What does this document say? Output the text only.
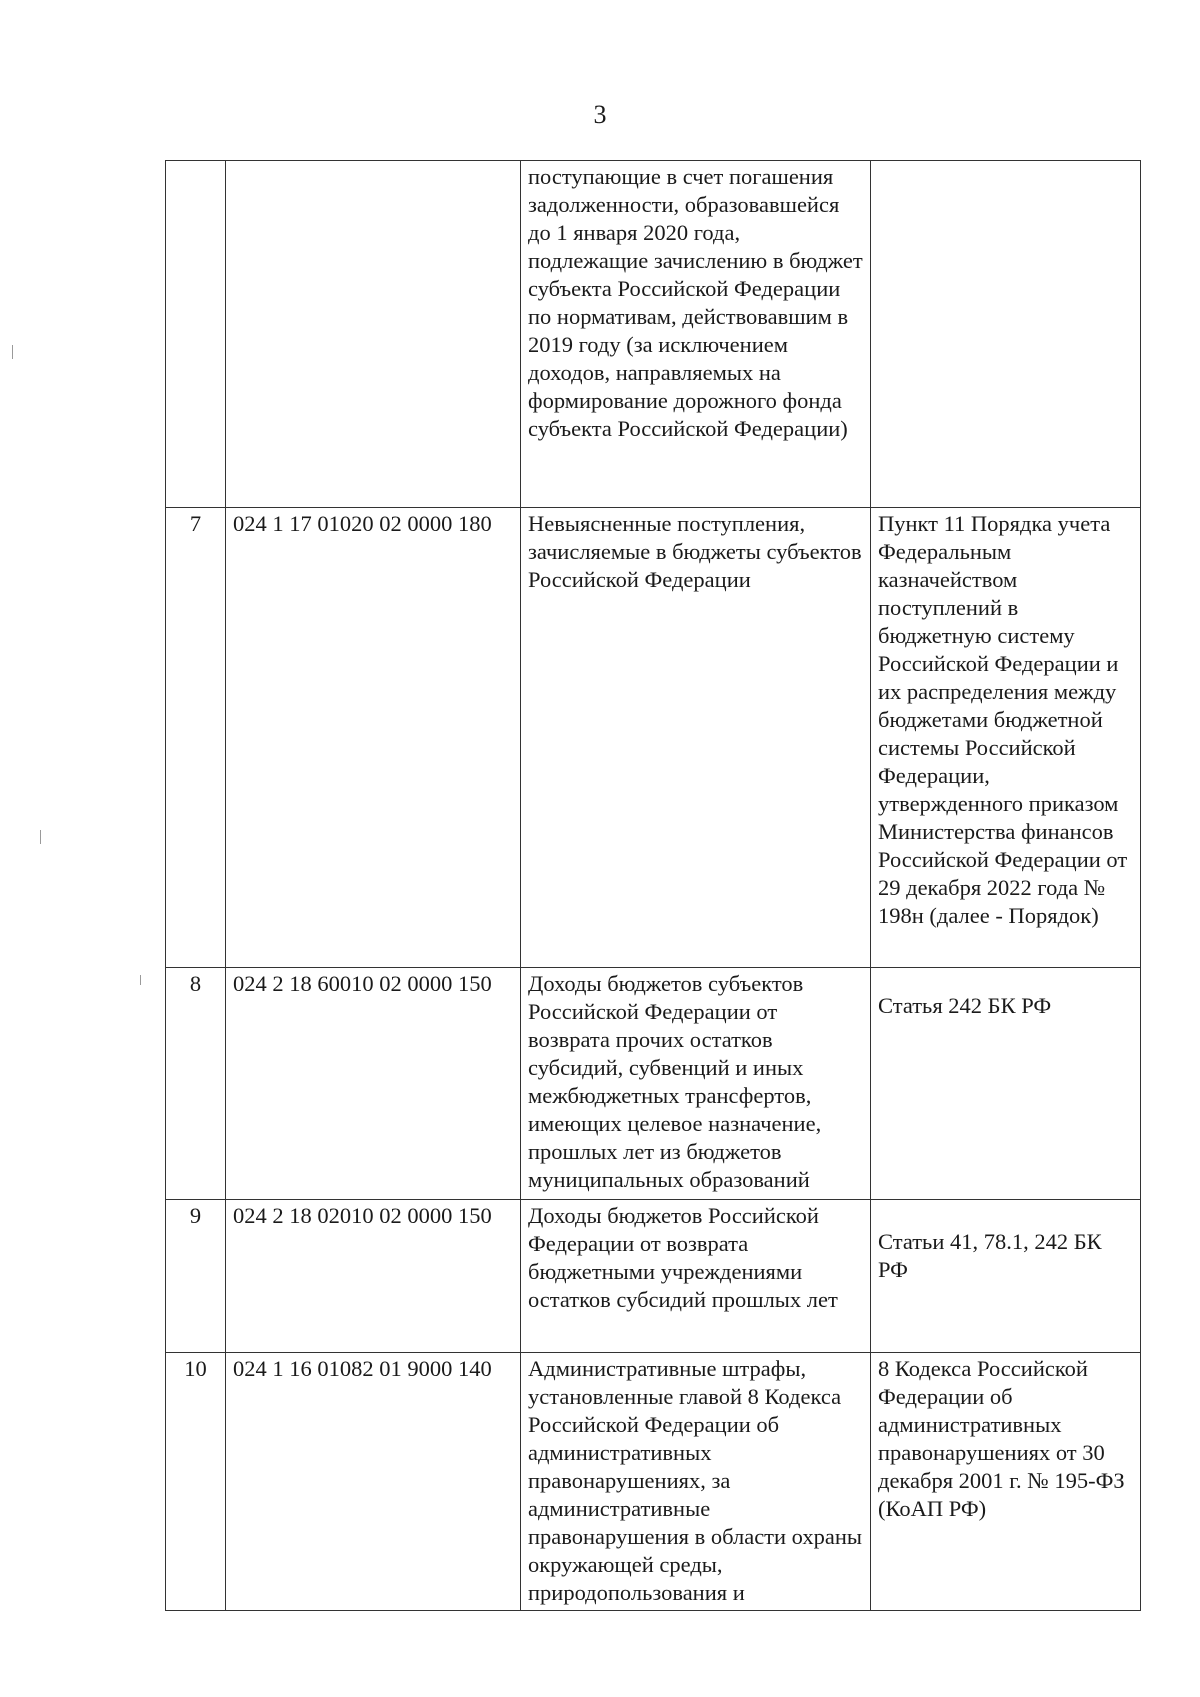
3
		поступающие в счет погашения задолженности, образовавшейся до 1 января 2020 года, подлежащие зачислению в бюджет субъекта Российской Федерации по нормативам, действовавшим в 2019 году (за исключением доходов, направляемых на формирование дорожного фонда субъекта Российской Федерации)	
7	024 1 17 01020 02 0000 180	Невыясненные поступления, зачисляемые в бюджеты субъектов Российской Федерации	Пункт 11 Порядка учета Федеральным казначейством поступлений в бюджетную систему Российской Федерации и их распределения между бюджетами бюджетной системы Российской Федерации, утвержденного приказом Министерства финансов Российской Федерации от 29 декабря 2022 года № 198н (далее - Порядок)
8	024 2 18 60010 02 0000 150	Доходы бюджетов субъектов Российской Федерации от возврата прочих остатков субсидий, субвенций и иных межбюджетных трансфертов, имеющих целевое назначение, прошлых лет из бюджетов муниципальных образований	Статья 242 БК РФ
9	024 2 18 02010 02 0000 150	Доходы бюджетов Российской Федерации от возврата бюджетными учреждениями остатков субсидий прошлых лет	Статьи 41, 78.1, 242 БК РФ
10	024 1 16 01082 01 9000 140	Административные штрафы, установленные главой 8 Кодекса Российской Федерации об административных правонарушениях, за административные правонарушения в области охраны окружающей среды, природопользования и	8 Кодекса Российской Федерации об административных правонарушениях от 30 декабря 2001 г. № 195-ФЗ (КоАП РФ)
